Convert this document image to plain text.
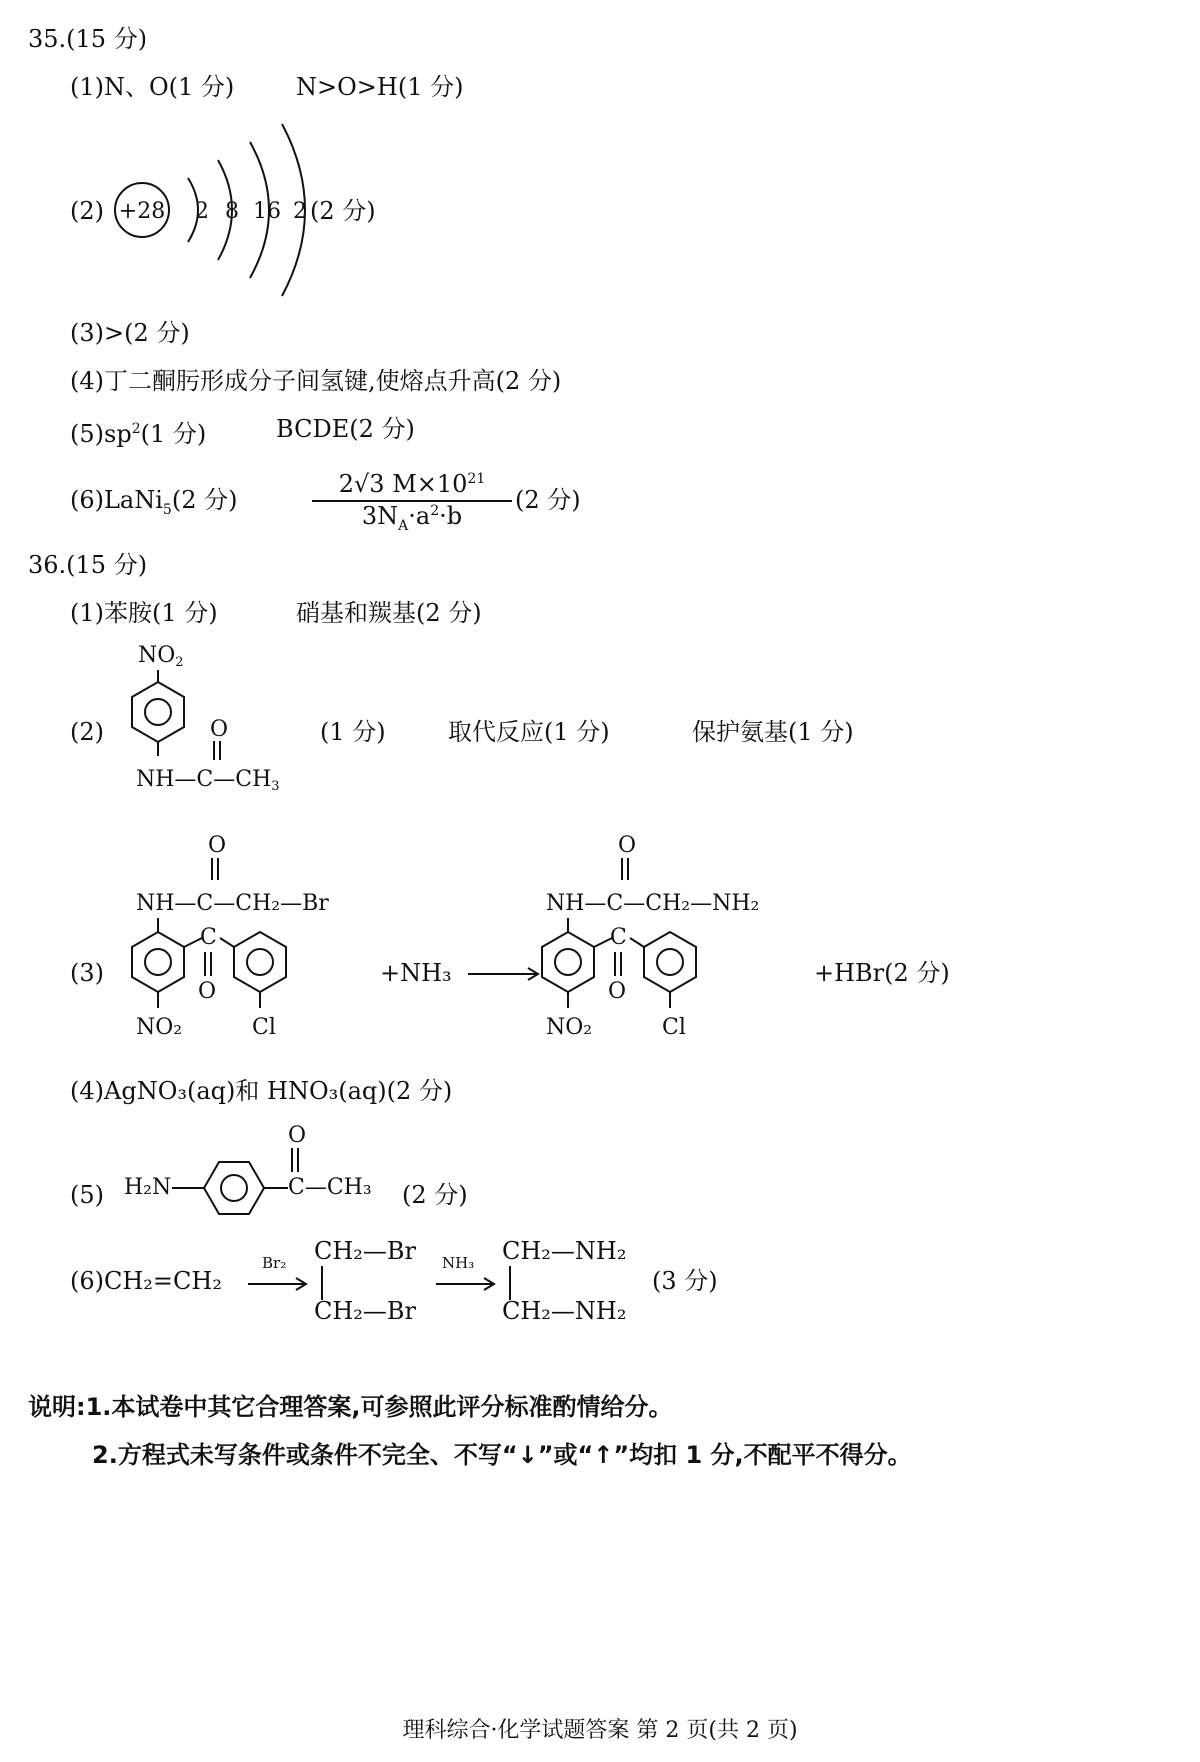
35.(15 分)
(1)N、O(1 分)	N>O>H(1 分)
(2) +28 2 8 16 2 (2 分)
(3)>(2 分)
(4)丁二酮肟形成分子间氢键,使熔点升高(2 分)
$(5)sp^2(1$ 分)	BCDE(2 分)
(6)LaNi$_5$(2 分)	$\frac{2√3 M\times 10^{21}}{3N_A\cdot a^2\cdot b} (2$ 分)
36.(15 分)
(1)苯胺(1 分)	硝基和羰基(2 分)
(2)
NO2
O
NH—C—CH3
(1 分)	取代反应(1 分)	保护氨基(1 分)
(3)
O
NH—C—CH₂—Br
C
O
NO₂	Cl
+NH₃
O
NH—C—CH₂—NH₂
C
O
NO₂	Cl
+HBr(2 分)
(4)AgNO₃(aq)和 HNO₃(aq)(2 分)
(5) H₂N
O
C—CH₃ (2 分)
(6)CH₂=CH₂
Br₂ CH₂—Br
CH₂—Br
NH₃ CH₂—NH₂
CH₂—NH₂
(3 分)
说明:1.本试卷中其它合理答案,可参照此评分标准酌情给分。
2.方程式未写条件或条件不完全、不写“↓”或“↑”均扣 1 分,不配平不得分。
理科综合·化学试题答案 第 2 页(共 2 页)
